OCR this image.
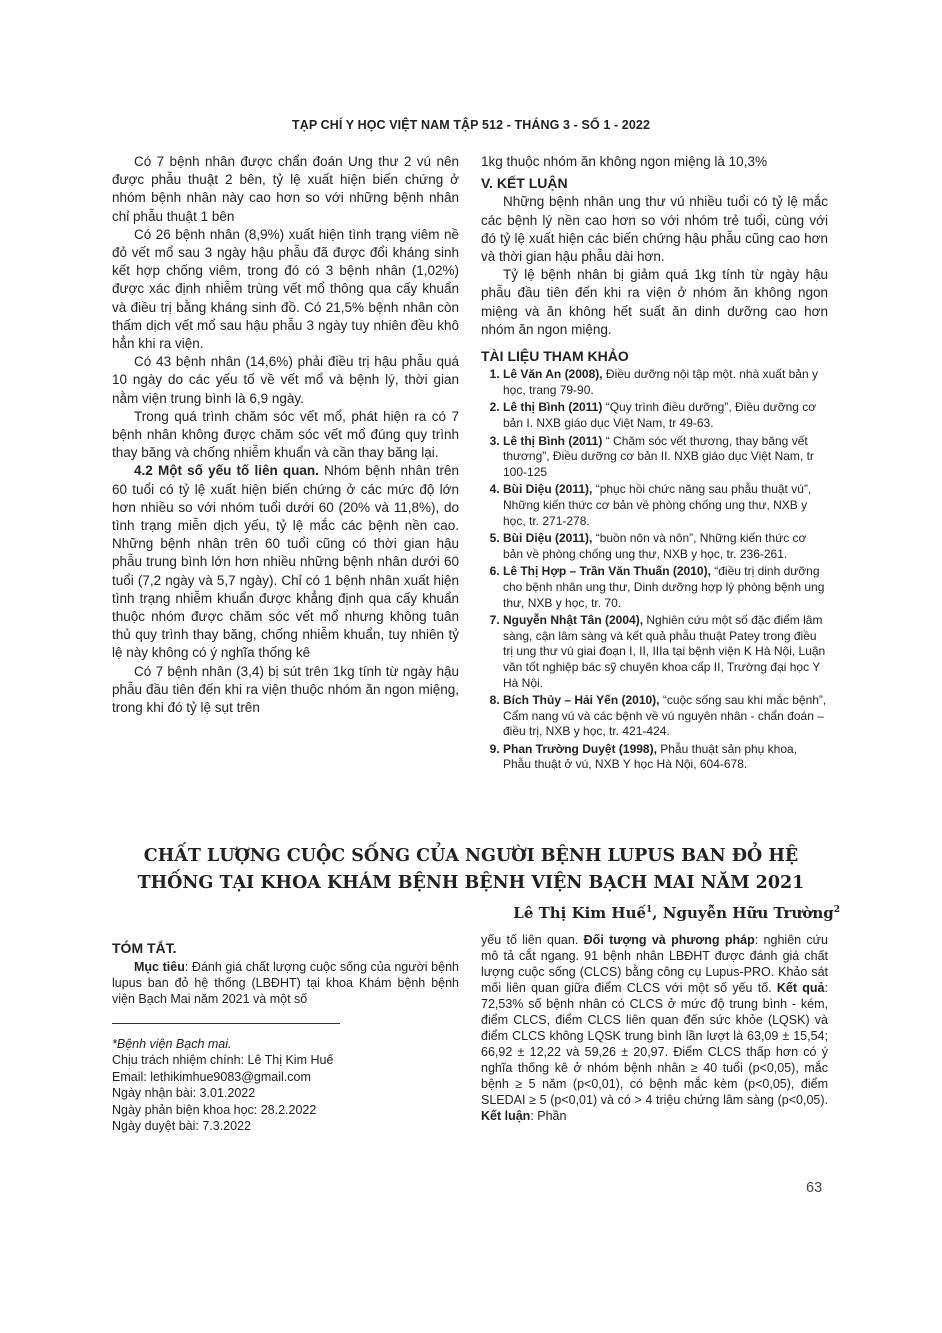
TẠP CHÍ Y HỌC VIỆT NAM TẬP 512 - THÁNG 3 - SỐ 1 - 2022

Có 7 bệnh nhân được chẩn đoán Ung thư 2 vú nên được phẫu thuật 2 bên, tỷ lệ xuất hiện biến chứng ở nhóm bệnh nhân này cao hơn so với những bệnh nhân chỉ phẫu thuật 1 bên

Có 26 bệnh nhân (8,9%) xuất hiện tình trạng viêm nề đỏ vết mổ sau 3 ngày hậu phẫu đã được đổi kháng sinh kết hợp chống viêm, trong đó có 3 bệnh nhân (1,02%) được xác định nhiễm trùng vết mổ thông qua cấy khuẩn và điều trị bằng kháng sinh đồ. Có 21,5% bệnh nhân còn thấm dịch vết mổ sau hậu phẫu 3 ngày tuy nhiên đều khô hẳn khi ra viện.

Có 43 bệnh nhân (14,6%) phải điều trị hậu phẫu quá 10 ngày do các yếu tố về vết mổ và bệnh lý, thời gian nằm viện trung bình là 6,9 ngày.

Trong quá trình chăm sóc vết mổ, phát hiện ra có 7 bệnh nhân không được chăm sóc vết mổ đúng quy trình thay băng và chống nhiễm khuẩn và cần thay băng lại.

4.2 Một số yếu tố liên quan. Nhóm bệnh nhân trên 60 tuổi có tỷ lệ xuất hiện biến chứng ở các mức độ lớn hơn nhiều so với nhóm tuổi dưới 60 (20% và 11,8%), do tình trạng miễn dịch yếu, tỷ lệ mắc các bệnh nền cao. Những bệnh nhân trên 60 tuổi cũng có thời gian hậu phẫu trung bình lớn hơn nhiều những bệnh nhân dưới 60 tuổi (7,2 ngày và 5,7 ngày). Chỉ có 1 bệnh nhân xuất hiện tình trạng nhiễm khuẩn được khẳng định qua cấy khuẩn thuộc nhóm được chăm sóc vết mổ nhưng không tuân thủ quy trình thay băng, chống nhiễm khuẩn, tuy nhiên tỷ lệ này không có ý nghĩa thống kê

Có 7 bệnh nhân (3,4) bị sút trên 1kg tính từ ngày hậu phẫu đầu tiên đến khi ra viện thuộc nhóm ăn ngon miệng, trong khi đó tỷ lệ sụt trên

1kg thuộc nhóm ăn không ngon miệng là 10,3%

V. KẾT LUẬN

Những bệnh nhân ung thư vú nhiều tuổi có tỷ lệ mắc các bệnh lý nền cao hơn so với nhóm trẻ tuổi, cùng với đó tỷ lệ xuất hiện các biến chứng hậu phẫu cũng cao hơn và thời gian hậu phẫu dài hơn.

Tỷ lệ bệnh nhân bị giảm quá 1kg tính từ ngày hậu phẫu đầu tiên đến khi ra viện ở nhóm ăn không ngon miệng và ăn không hết suất ăn dinh dưỡng cao hơn nhóm ăn ngon miệng.

TÀI LIỆU THAM KHẢO
1. Lê Văn An (2008), Điều dưỡng nội tập một. nhà xuất bản y học, trang 79-90.
2. Lê thị Bình (2011) “Quy trình điều dưỡng”, Điều dưỡng cơ bản I. NXB giáo dục Việt Nam, tr 49-63.
3. Lê thị Bình (2011) “ Chăm sóc vết thương, thay băng vết thương”, Điều dưỡng cơ bản II. NXB giáo dục Việt Nam, tr 100-125
4. Bùi Diệu (2011), “phục hồi chức năng sau phẫu thuật vú”, Những kiến thức cơ bản về phòng chống ung thư, NXB y học, tr. 271-278.
5. Bùi Diệu (2011), “buồn nôn và nôn”, Những kiến thức cơ bản về phòng chống ung thư, NXB y học, tr. 236-261.
6. Lê Thị Hợp – Trần Văn Thuấn (2010), “điều trị dinh dưỡng cho bệnh nhân ung thư, Dinh dưỡng hợp lý phòng bệnh ung thư, NXB y học, tr. 70.
7. Nguyễn Nhật Tân (2004), Nghiên cứu một số đặc điểm lâm sàng, cận lâm sàng và kết quả phẫu thuật Patey trong điều trị ung thư vú giai đoạn I, II, IIIa tại bệnh viện K Hà Nội, Luận văn tốt nghiệp bác sỹ chuyên khoa cấp II, Trường đại học Y Hà Nội.
8. Bích Thủy – Hải Yến (2010), “cuộc sống sau khi mắc bệnh”, Cẩm nang vú và các bệnh về vú nguyên nhân - chẩn đoán – điều trị, NXB y học, tr. 421-424.
9. Phan Trường Duyệt (1998), Phẫu thuật sản phụ khoa, Phẫu thuật ở vú, NXB Y học Hà Nội, 604-678.
CHẤT LƯỢNG CUỘC SỐNG CỦA NGƯỜI BỆNH LUPUS BAN ĐỎ HỆ THỐNG TẠI KHOA KHÁM BỆNH BỆNH VIỆN BẠCH MAI NĂM 2021
Lê Thị Kim Huế$^1$, Nguyễn Hữu Trường$^2$
TÓM TẮT.

Mục tiêu: Đánh giá chất lượng cuộc sống của người bệnh lupus ban đỏ hệ thống (LBĐHT) tại khoa Khám bệnh bệnh viện Bạch Mai năm 2021 và một số

*Bệnh viện Bạch mai.
Chịu trách nhiệm chính: Lê Thị Kim Huế
Email: lethikimhue9083@gmail.com
Ngày nhận bài: 3.01.2022
Ngày phản biện khoa học: 28.2.2022
Ngày duyệt bài: 7.3.2022

yếu tố liên quan. Đối tượng và phương pháp: nghiên cứu mô tả cắt ngang. 91 bệnh nhân LBĐHT được đánh giá chất lượng cuộc sống (CLCS) bằng công cụ Lupus-PRO. Khảo sát mối liên quan giữa điểm CLCS với một số yếu tố. Kết quả: 72,53% số bệnh nhân có CLCS ở mức độ trung bình - kém, điểm CLCS, điểm CLCS liên quan đến sức khỏe (LQSK) và điểm CLCS không LQSK trung bình lần lượt là 63,09 ± 15,54; 66,92 ± 12,22 và 59,26 ± 20,97. Điểm CLCS thấp hơn có ý nghĩa thống kê ở nhóm bệnh nhân ≥ 40 tuổi (p<0,05), mắc bệnh ≥ 5 năm (p<0,01), có bệnh mắc kèm (p<0,05), điểm SLEDAI ≥ 5 (p<0,01) và có > 4 triệu chứng lâm sàng (p<0,05). Kết luận: Phần

63
